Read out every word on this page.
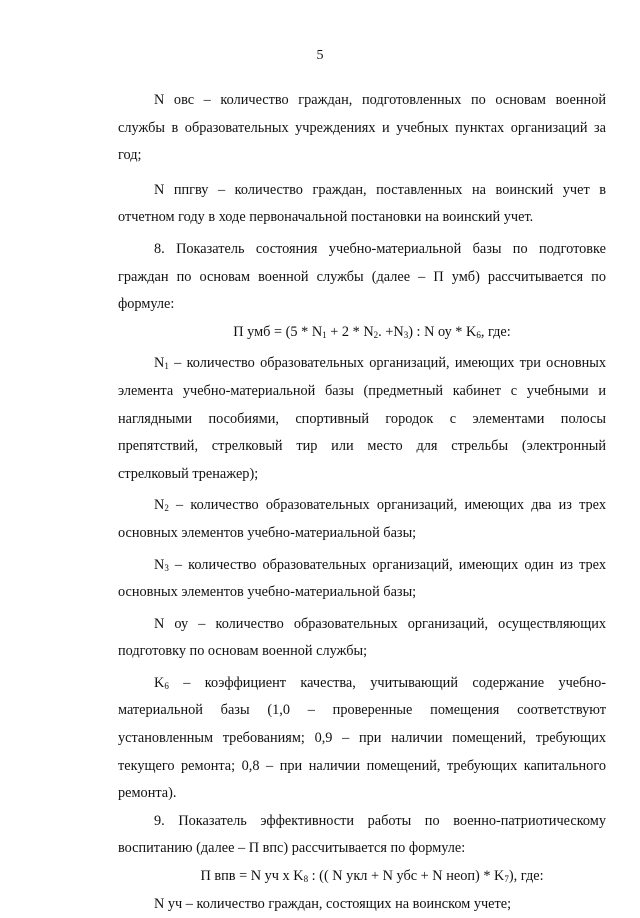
5

N овс – количество граждан, подготовленных по основам военной службы в образовательных учреждениях и учебных пунктах организаций за год;

N ппгву – количество граждан, поставленных на воинский учет в отчетном году в ходе первоначальной постановки на воинский учет.

8. Показатель состояния учебно-материальной базы по подготовке граждан по основам военной службы (далее – П умб) рассчитывается по формуле:

П умб = ($5 * N_1 + 2 * N_2$. $+N_3$) : N оу * $K_6$, где:

$N_1$ – количество образовательных организаций, имеющих три основных элемента учебно-материальной базы (предметный кабинет с учебными и наглядными пособиями, спортивный городок с элементами полосы препятствий, стрелковый тир или место для стрельбы (электронный стрелковый тренажер);

$N_2$ – количество образовательных организаций, имеющих два из трех основных элементов учебно-материальной базы;

$N_3$ – количество образовательных организаций, имеющих один из трех основных элементов учебно-материальной базы;

N оу – количество образовательных организаций, осуществляющих подготовку по основам военной службы;

$K_6$ – коэффициент качества, учитывающий содержание учебно-материальной базы (1,0 – проверенные помещения соответствуют установленным требованиям; 0,9 – при наличии помещений, требующих текущего ремонта; 0,8 – при наличии помещений, требующих капитального ремонта).

9. Показатель эффективности работы по военно-патриотическому воспитанию (далее – П впс) рассчитывается по формуле:

П впв = N уч x $K_8$ : (( N укл + N убс + N неоп) * $K_7$), где:

N уч – количество граждан, состоящих на воинском учете;
